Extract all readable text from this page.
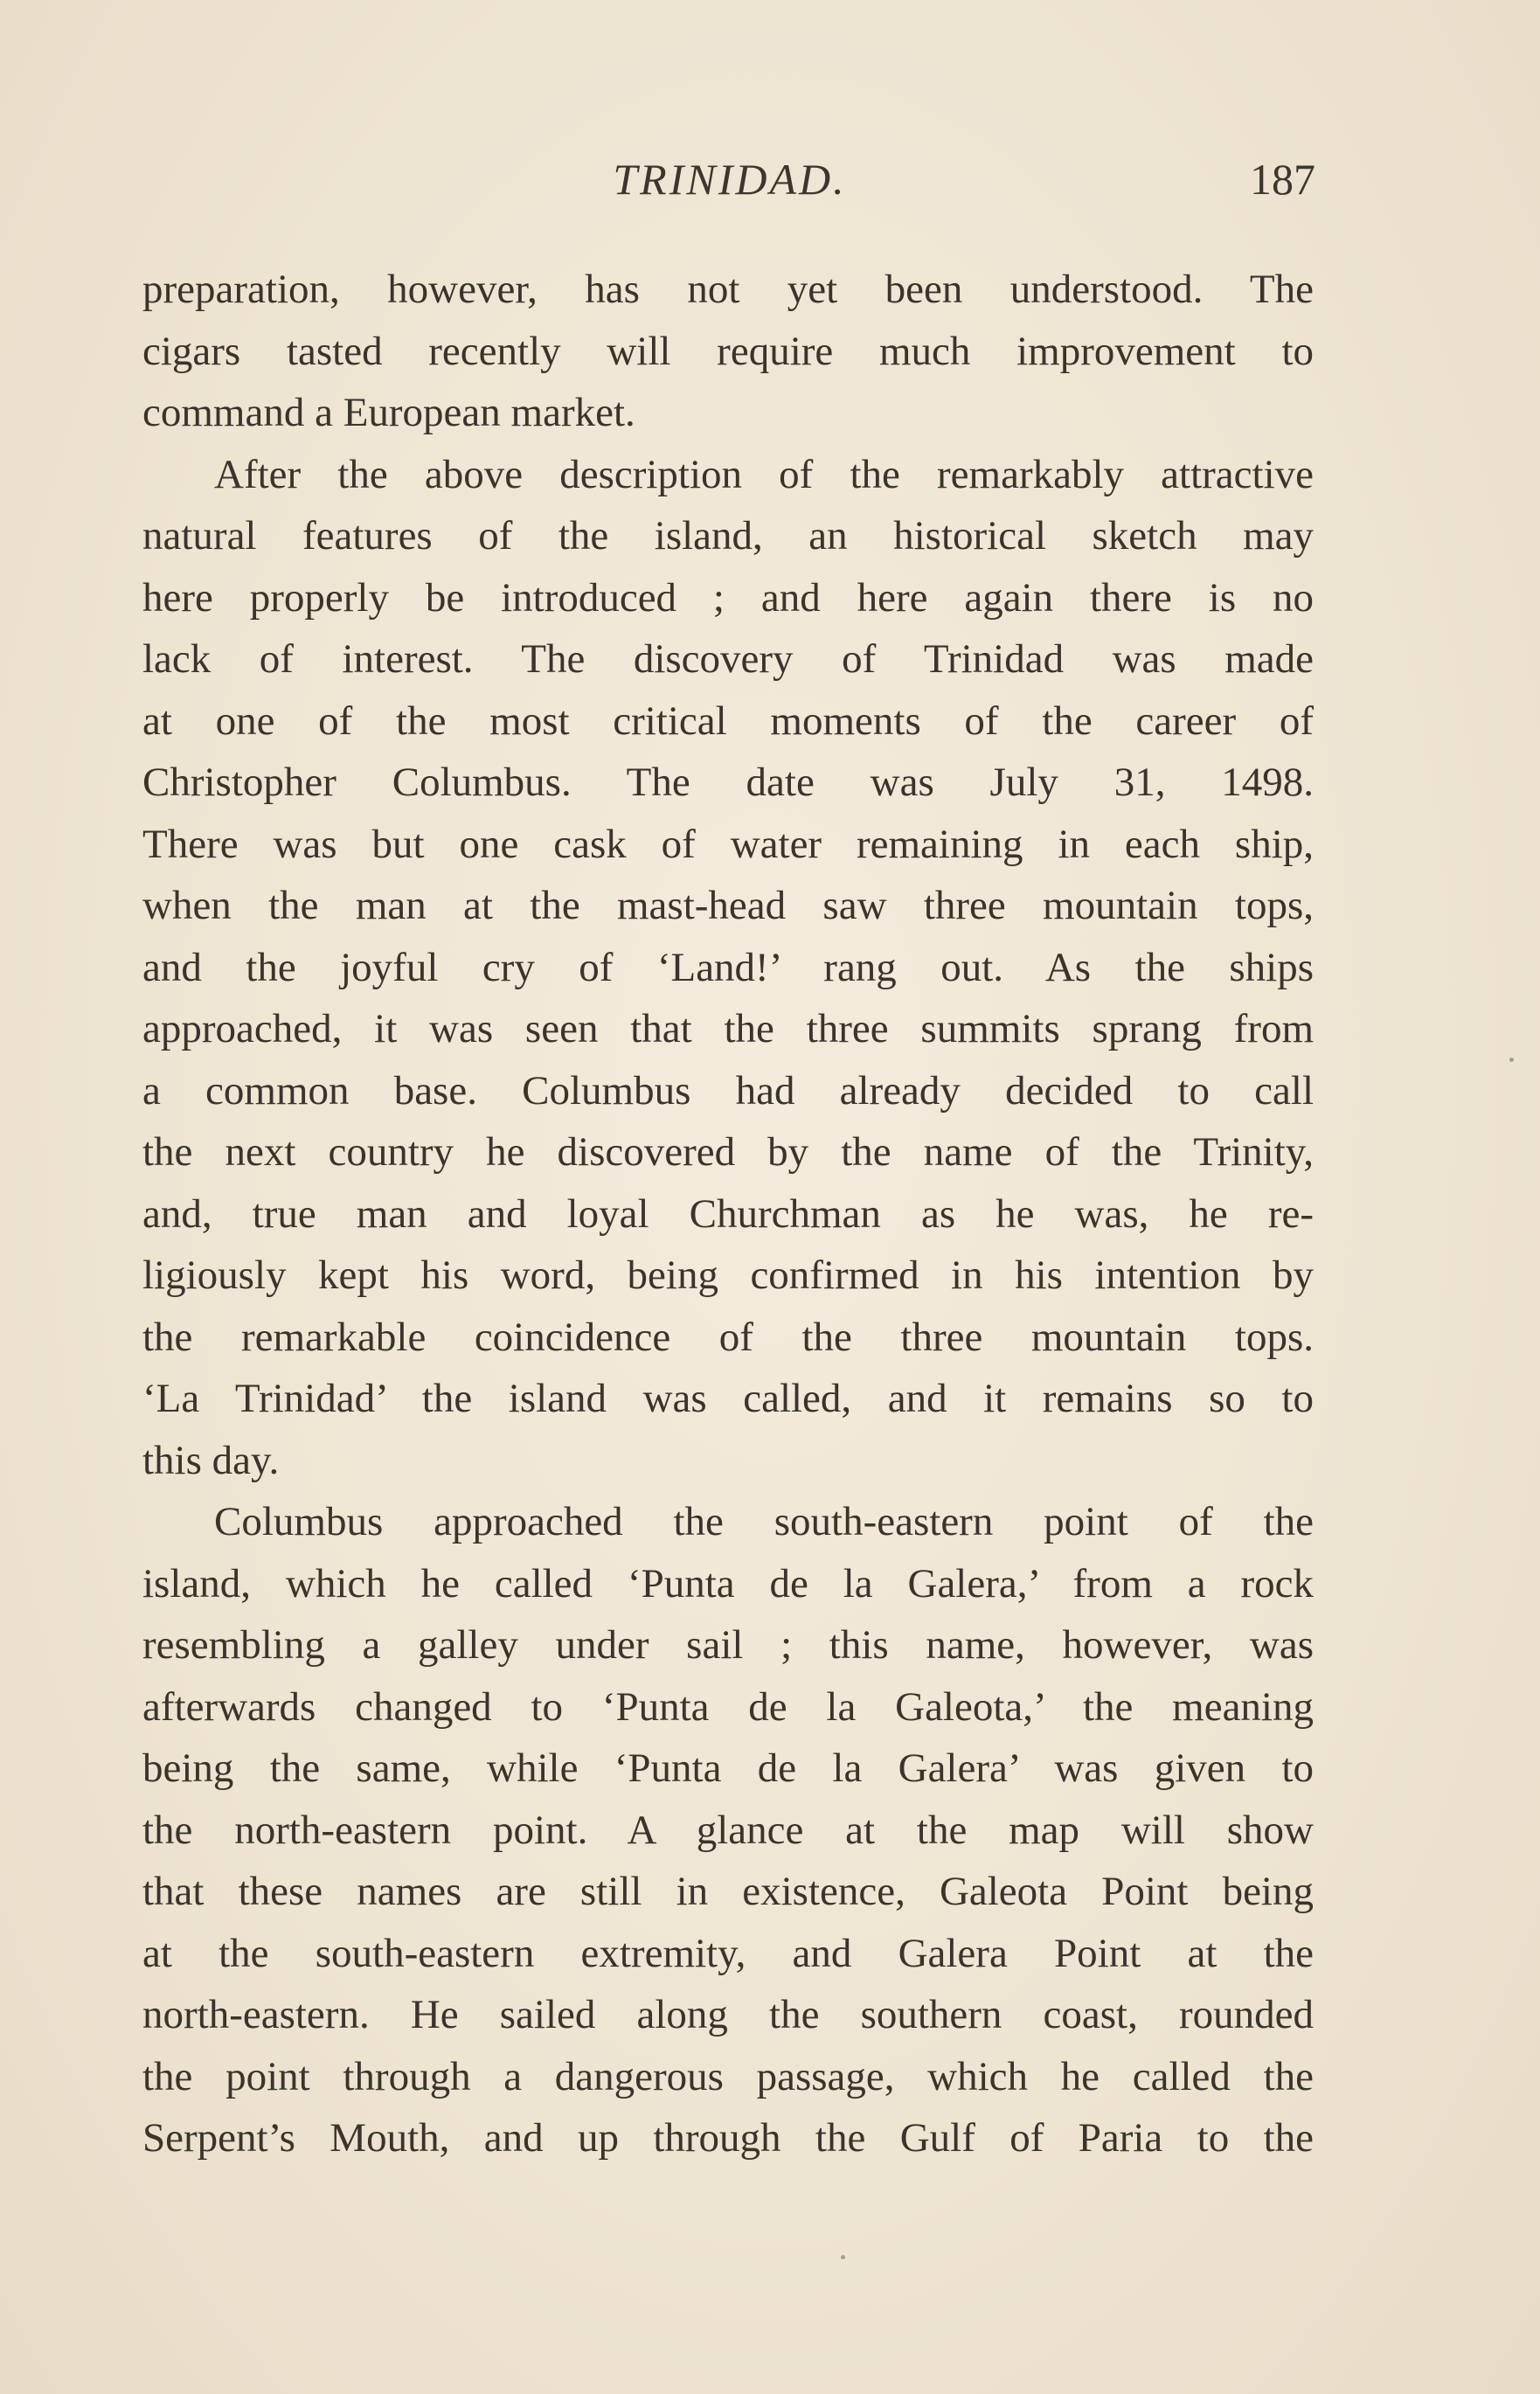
TRINIDAD.	187
preparation, however, has not yet been understood. The
cigars tasted recently will require much improvement to
command a European market.
After the above description of the remarkably attractive
natural features of the island, an historical sketch may
here properly be introduced ; and here again there is no
lack of interest. The discovery of Trinidad was made
at one of the most critical moments of the career of
Christopher Columbus. The date was July 31, 1498.
There was but one cask of water remaining in each ship,
when the man at the mast-head saw three mountain tops,
and the joyful cry of ‘Land!’ rang out. As the ships
approached, it was seen that the three summits sprang from
a common base. Columbus had already decided to call
the next country he discovered by the name of the Trinity,
and, true man and loyal Churchman as he was, he re-
ligiously kept his word, being confirmed in his intention by
the remarkable coincidence of the three mountain tops.
‘La Trinidad’ the island was called, and it remains so to
this day.
Columbus approached the south-eastern point of the
island, which he called ‘Punta de la Galera,’ from a rock
resembling a galley under sail ; this name, however, was
afterwards changed to ‘Punta de la Galeota,’ the meaning
being the same, while ‘Punta de la Galera’ was given to
the north-eastern point. A glance at the map will show
that these names are still in existence, Galeota Point being
at the south-eastern extremity, and Galera Point at the
north-eastern. He sailed along the southern coast, rounded
the point through a dangerous passage, which he called the
Serpent’s Mouth, and up through the Gulf of Paria to the
